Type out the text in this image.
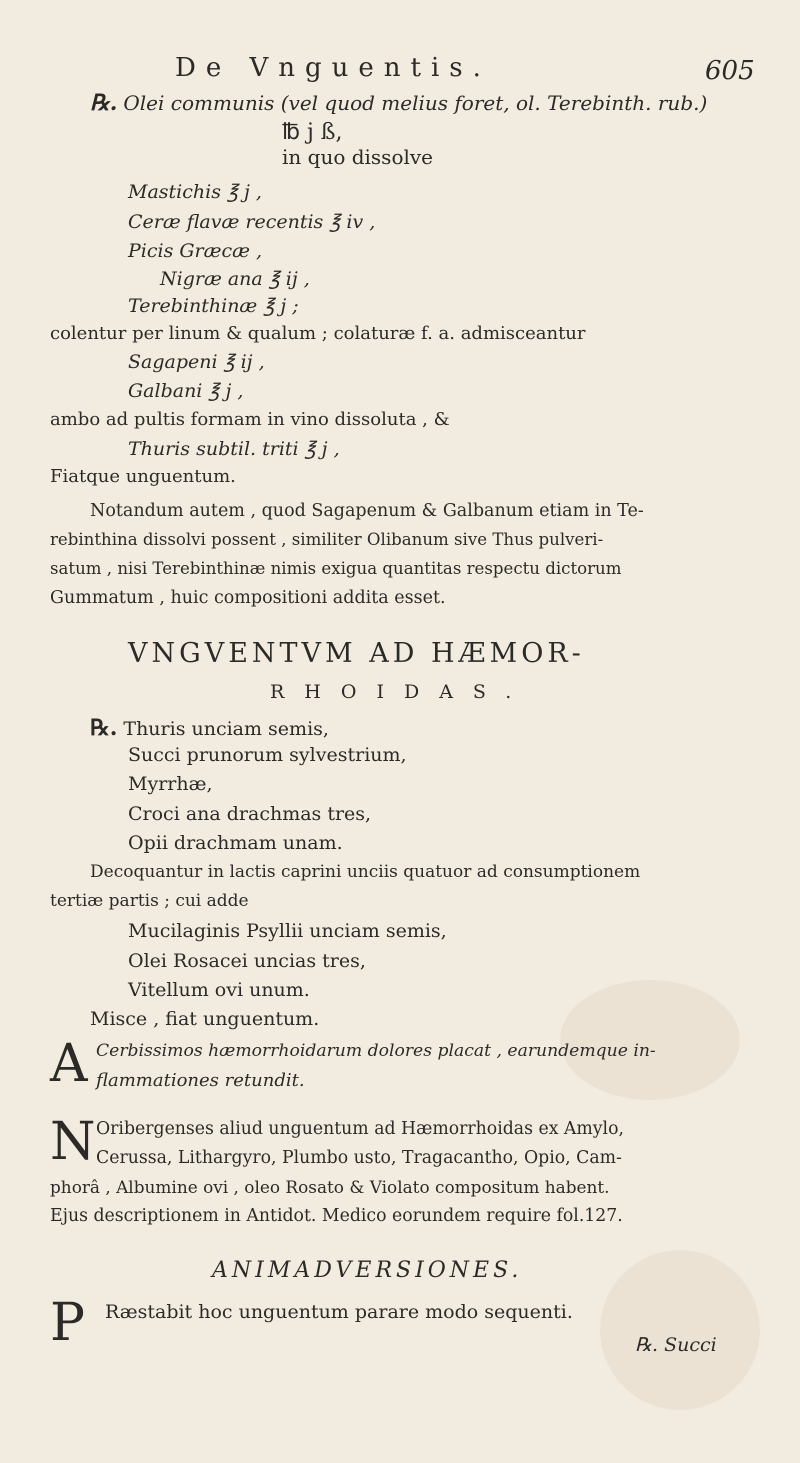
De Vnguentis.	605
℞. Olei communis (vel quod melius foret, ol. Terebinth. rub.)
℔ j ß,
in quo dissolve
Mastichis ℥ j ,
Ceræ flavæ recentis ℥ iv ,
Picis Græcæ ,
Nigræ ana ℥ ij ,
Terebinthinæ ℥ j ;
colentur per linum & qualum ; colaturæ f. a. admisceantur
Sagapeni ℥ ij ,
Galbani ℥ j ,
ambo ad pultis formam in vino dissoluta , &
Thuris subtil. triti ℥ j ,
Fiatque unguentum.
Notandum autem , quod Sagapenum & Galbanum etiam in Te-
rebinthina dissolvi possent , similiter Olibanum sive Thus pulveri-
satum , nisi Terebinthinæ nimis exigua quantitas respectu dictorum
Gummatum , huic compositioni addita esset.
VNGVENTVM AD HÆMOR-
RHOIDAS.
℞. Thuris unciam semis,
Succi prunorum sylvestrium,
Myrrhæ,
Croci ana drachmas tres,
Opii drachmam unam.
Decoquantur in lactis caprini unciis quatuor ad consumptionem
tertiæ partis ; cui adde
Mucilaginis Psyllii unciam semis,
Olei Rosacei uncias tres,
Vitellum ovi unum.
Misce , fiat unguentum.
A Cerbissimos hæmorrhoidarum dolores placat , earundemque in-
flammationes retundit.
N Oribergenses aliud unguentum ad Hæmorrhoidas ex Amylo,
Cerussa, Lithargyro, Plumbo usto, Tragacantho, Opio, Cam-
phorâ , Albumine ovi , oleo Rosato & Violato compositum habent.
Ejus descriptionem in Antidot. Medico eorundem require fol.127.
ANIMADVERSIONES.
P Ræstabit hoc unguentum parare modo sequenti.
℞. Succi
